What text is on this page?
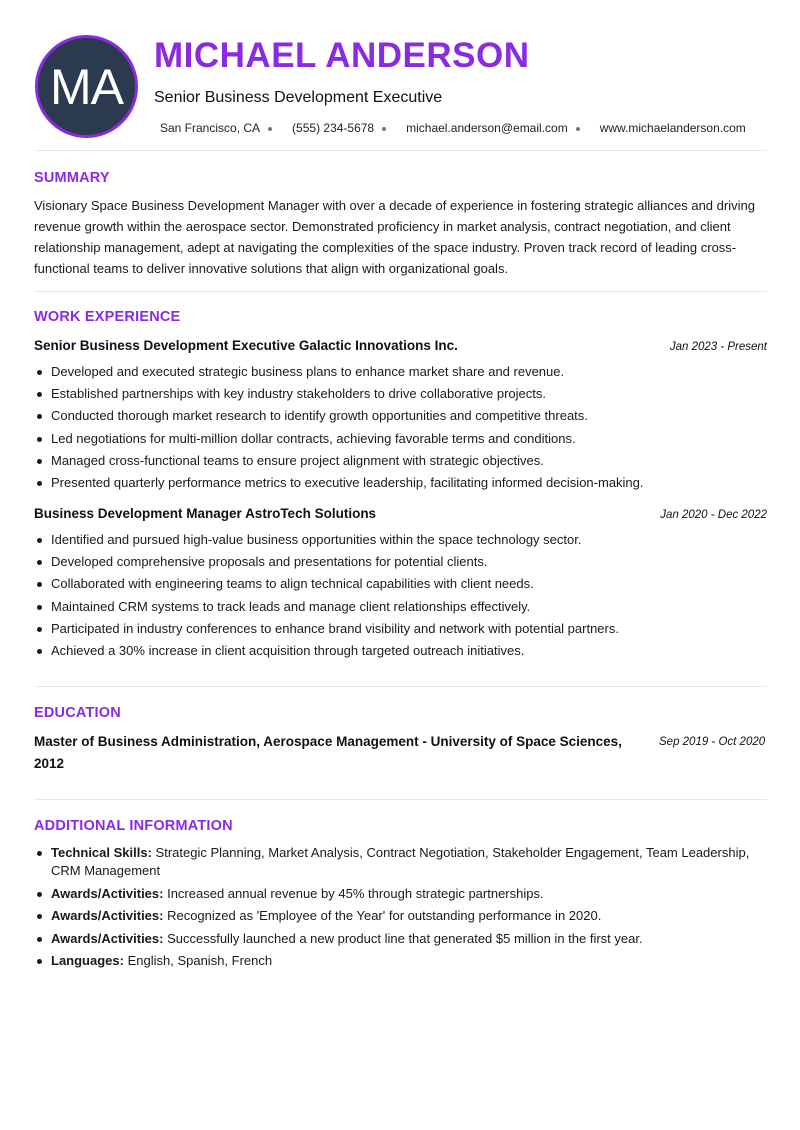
MA
MICHAEL ANDERSON
Senior Business Development Executive
San Francisco, CA	(555) 234-5678	michael.anderson@email.com	www.michaelanderson.com
SUMMARY
Visionary Space Business Development Manager with over a decade of experience in fostering strategic alliances and driving revenue growth within the aerospace sector. Demonstrated proficiency in market analysis, contract negotiation, and client relationship management, adept at navigating the complexities of the space industry. Proven track record of leading cross-functional teams to deliver innovative solutions that align with organizational goals.
WORK EXPERIENCE
Senior Business Development Executive Galactic Innovations Inc.	Jan 2023 - Present
Developed and executed strategic business plans to enhance market share and revenue.
Established partnerships with key industry stakeholders to drive collaborative projects.
Conducted thorough market research to identify growth opportunities and competitive threats.
Led negotiations for multi-million dollar contracts, achieving favorable terms and conditions.
Managed cross-functional teams to ensure project alignment with strategic objectives.
Presented quarterly performance metrics to executive leadership, facilitating informed decision-making.
Business Development Manager AstroTech Solutions	Jan 2020 - Dec 2022
Identified and pursued high-value business opportunities within the space technology sector.
Developed comprehensive proposals and presentations for potential clients.
Collaborated with engineering teams to align technical capabilities with client needs.
Maintained CRM systems to track leads and manage client relationships effectively.
Participated in industry conferences to enhance brand visibility and network with potential partners.
Achieved a 30% increase in client acquisition through targeted outreach initiatives.
EDUCATION
Master of Business Administration, Aerospace Management - University of Space Sciences, 2012
Sep 2019 - Oct 2020
ADDITIONAL INFORMATION
Technical Skills: Strategic Planning, Market Analysis, Contract Negotiation, Stakeholder Engagement, Team Leadership, CRM Management
Awards/Activities: Increased annual revenue by 45% through strategic partnerships.
Awards/Activities: Recognized as 'Employee of the Year' for outstanding performance in 2020.
Awards/Activities: Successfully launched a new product line that generated $5 million in the first year.
Languages: English, Spanish, French
